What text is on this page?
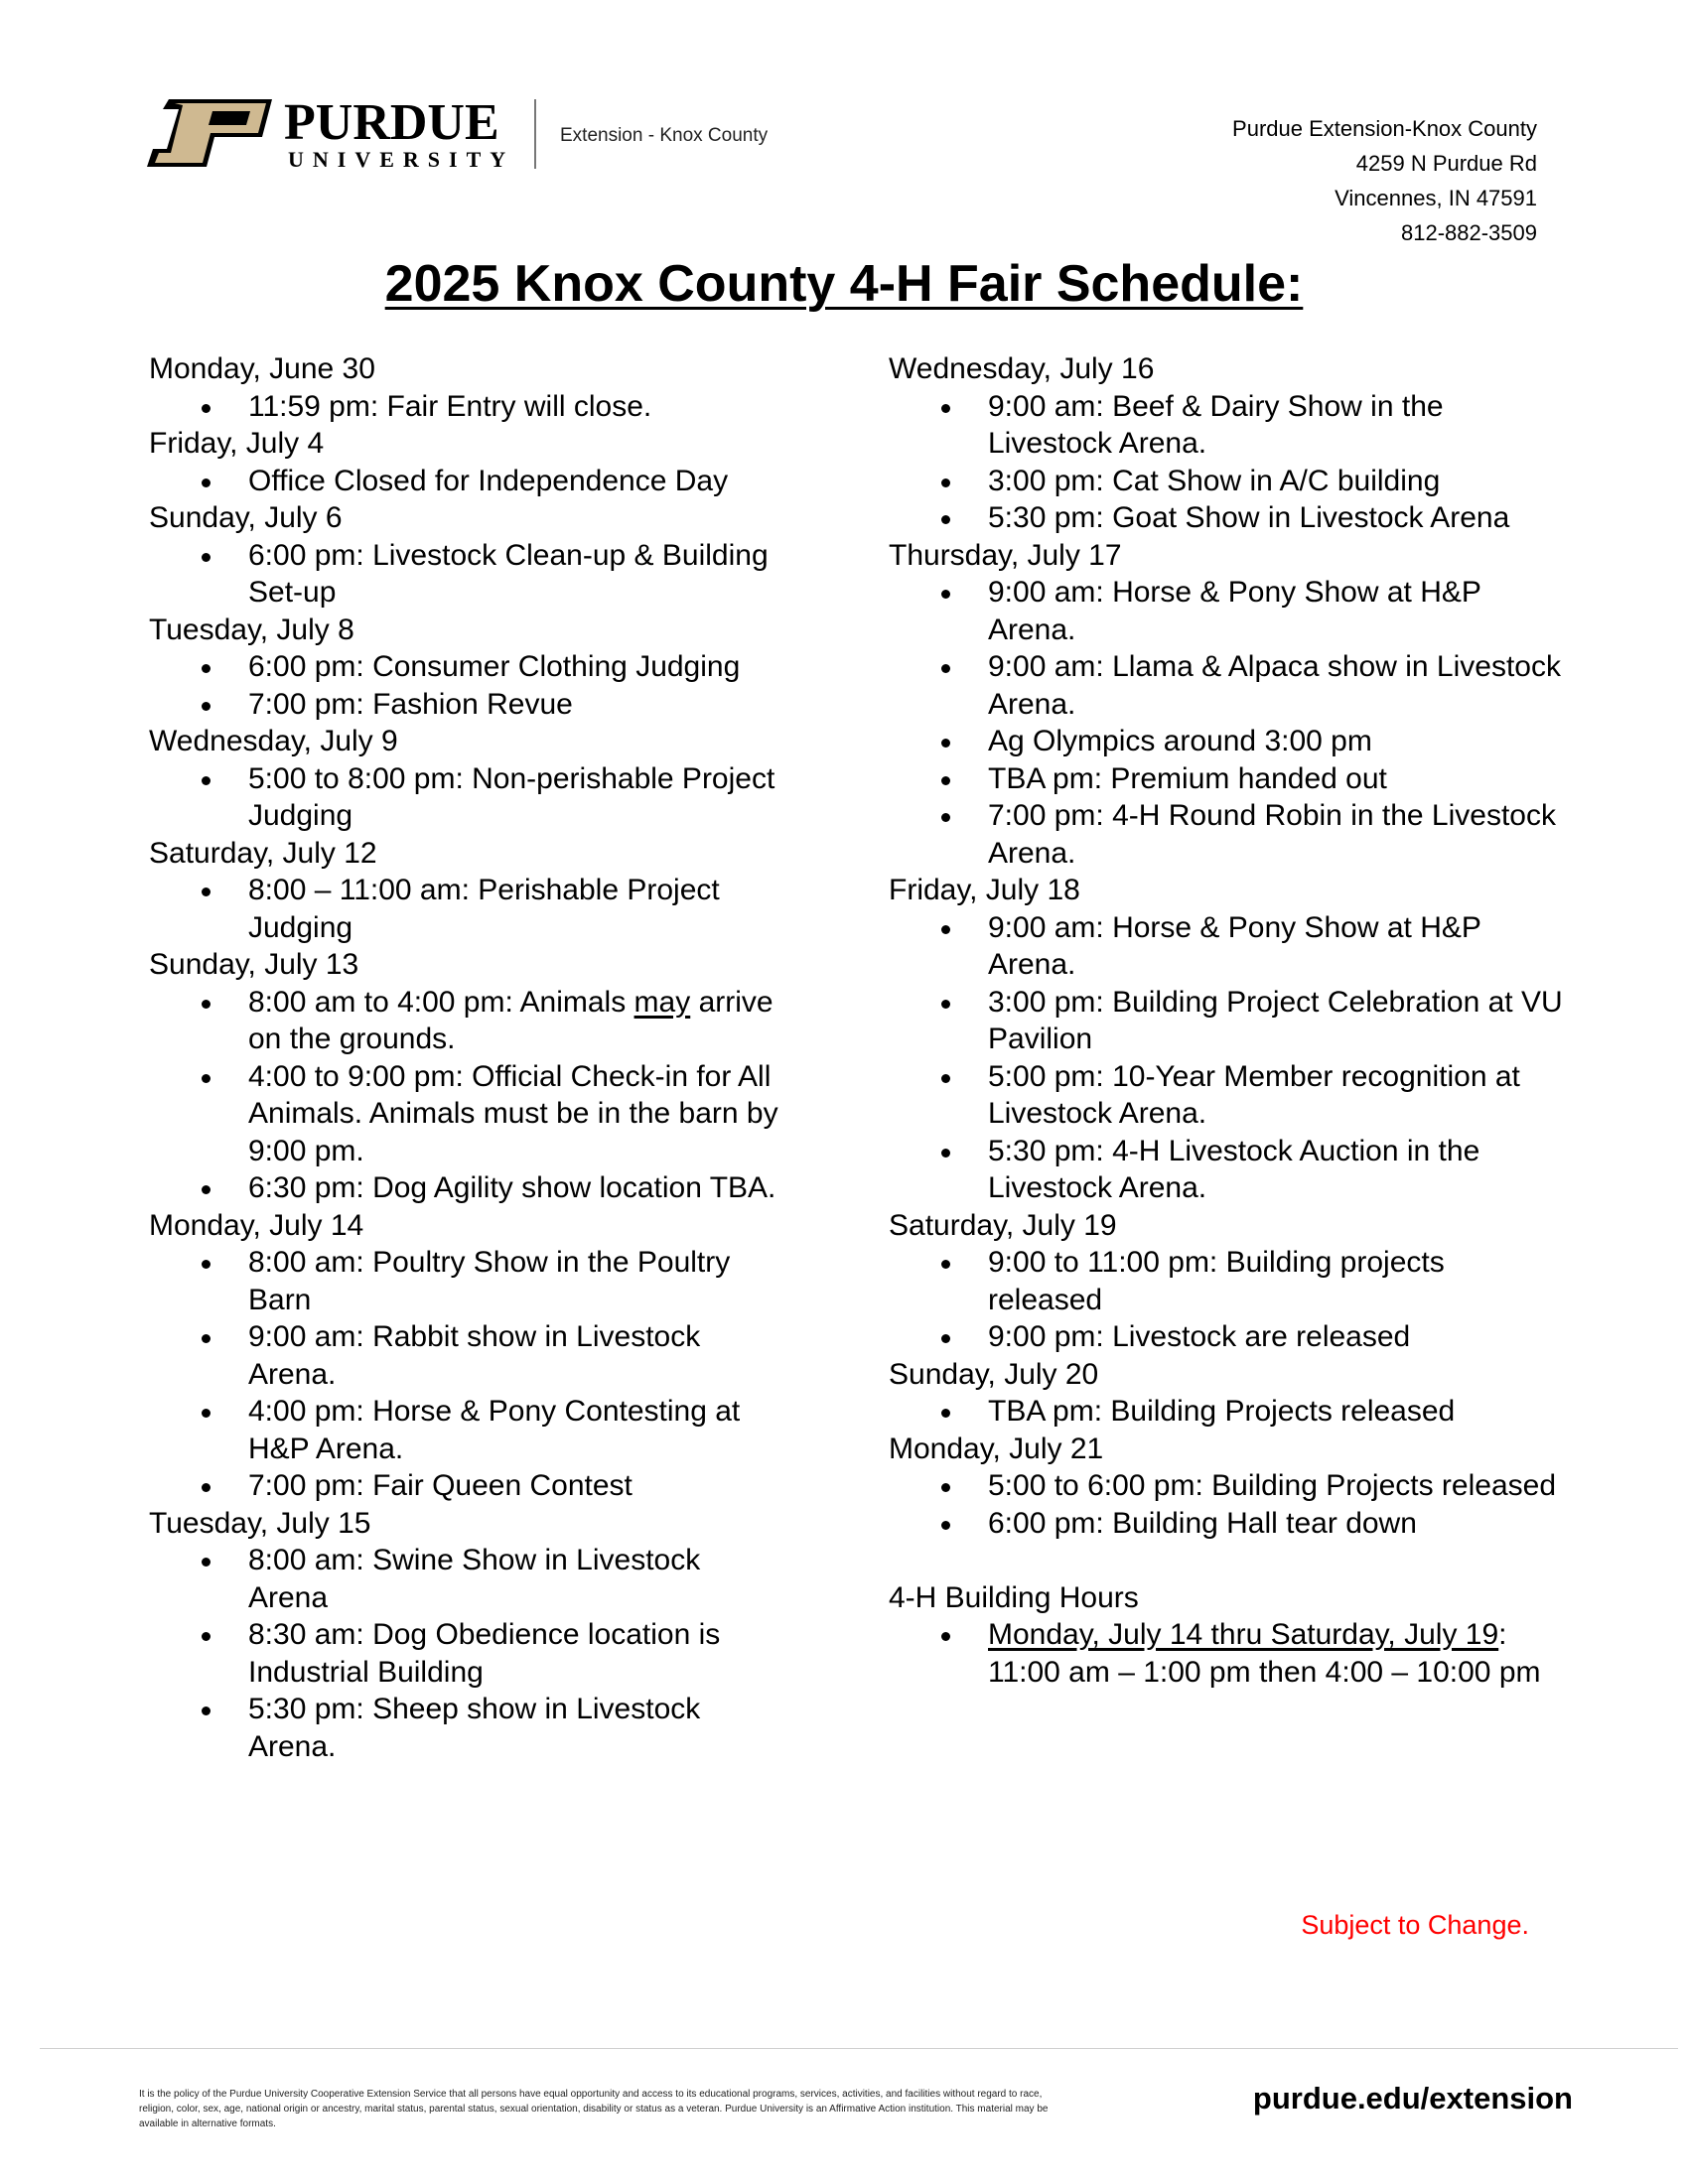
PURDUE
UNIVERSITY
Extension - Knox County	Purdue Extension-Knox County
4259 N Purdue Rd
Vincennes, IN 47591
812-882-3509
2025 Knox County 4-H Fair Schedule:
Monday, June 30
11:59 pm: Fair Entry will close.
Friday, July 4
Office Closed for Independence Day
Sunday, July 6
6:00 pm: Livestock Clean-up & Building Set-up
Tuesday, July 8
6:00 pm: Consumer Clothing Judging
7:00 pm: Fashion Revue
Wednesday, July 9
5:00 to 8:00 pm: Non-perishable Project Judging
Saturday, July 12
8:00 – 11:00 am: Perishable Project Judging
Sunday, July 13
8:00 am to 4:00 pm: Animals may arrive on the grounds.
4:00 to 9:00 pm: Official Check-in for All Animals. Animals must be in the barn by 9:00 pm.
6:30 pm: Dog Agility show location TBA.
Monday, July 14
8:00 am: Poultry Show in the Poultry Barn
9:00 am: Rabbit show in Livestock Arena.
4:00 pm: Horse & Pony Contesting at H&P Arena.
7:00 pm: Fair Queen Contest
Tuesday, July 15
8:00 am: Swine Show in Livestock Arena
8:30 am: Dog Obedience location is Industrial Building
5:30 pm: Sheep show in Livestock Arena.
Wednesday, July 16
9:00 am: Beef & Dairy Show in the Livestock Arena.
3:00 pm: Cat Show in A/C building
5:30 pm: Goat Show in Livestock Arena
Thursday, July 17
9:00 am: Horse & Pony Show at H&P Arena.
9:00 am: Llama & Alpaca show in Livestock Arena.
Ag Olympics around 3:00 pm
TBA pm: Premium handed out
7:00 pm: 4-H Round Robin in the Livestock Arena.
Friday, July 18
9:00 am: Horse & Pony Show at H&P Arena.
3:00 pm: Building Project Celebration at VU Pavilion
5:00 pm: 10-Year Member recognition at Livestock Arena.
5:30 pm: 4-H Livestock Auction in the Livestock Arena.
Saturday, July 19
9:00 to 11:00 pm: Building projects released
9:00 pm: Livestock are released
Sunday, July 20
TBA pm: Building Projects released
Monday, July 21
5:00 to 6:00 pm: Building Projects released
6:00 pm: Building Hall tear down
4-H Building Hours
Monday, July 14 thru Saturday, July 19: 11:00 am – 1:00 pm then 4:00 – 10:00 pm
Subject to Change.
It is the policy of the Purdue University Cooperative Extension Service that all persons have equal opportunity and access to its educational programs, services, activities, and facilities without regard to race, religion, color, sex, age, national origin or ancestry, marital status, parental status, sexual orientation, disability or status as a veteran. Purdue University is an Affirmative Action institution. This material may be available in alternative formats.
purdue.edu/extension
